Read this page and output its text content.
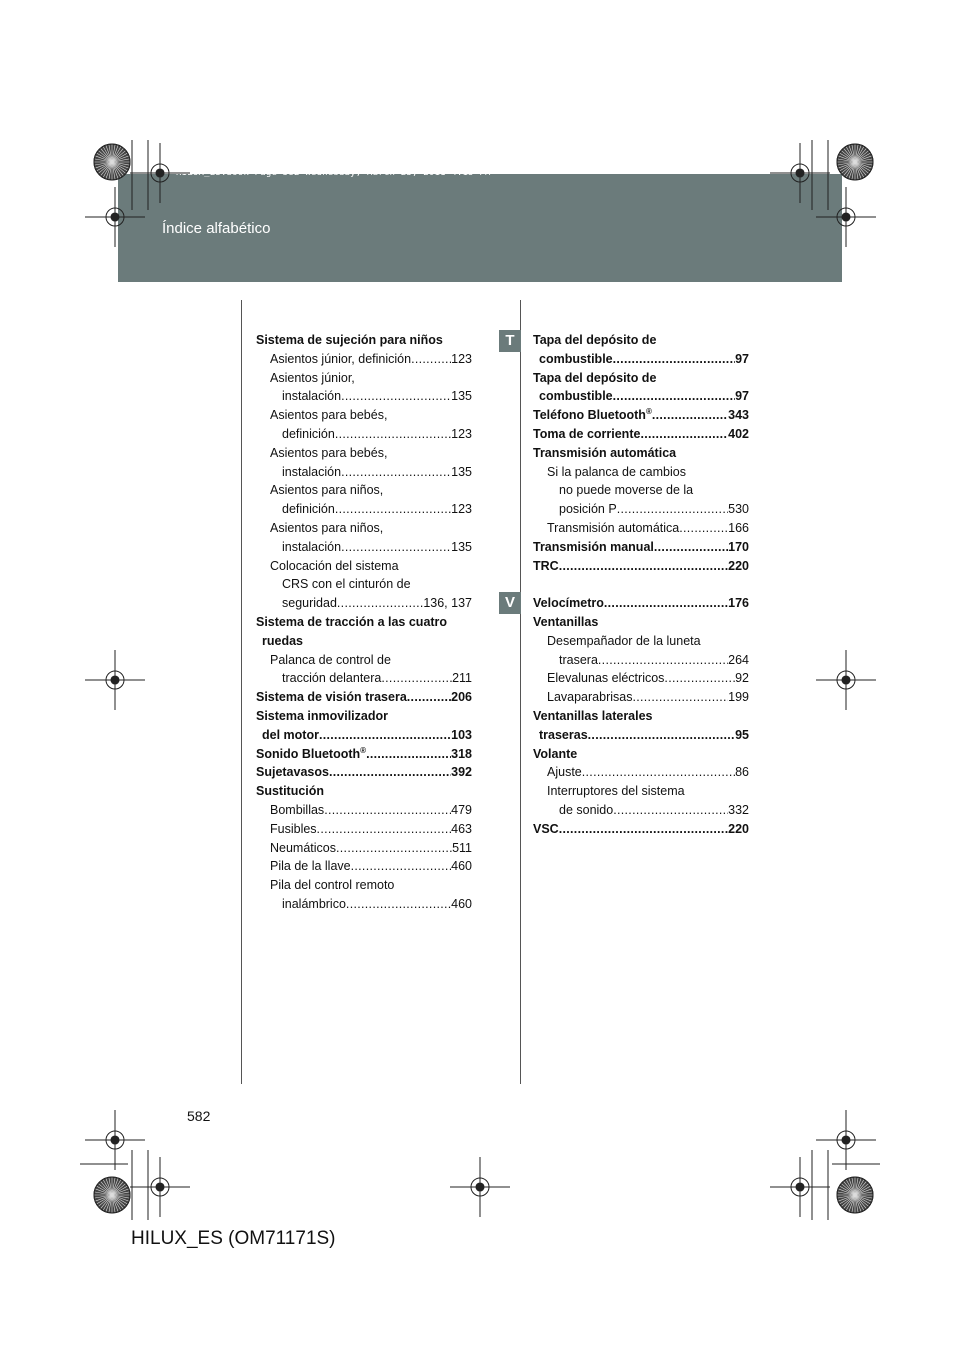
HILUX_ES.book Page 582 Wednesday, March 23, 2011 4:15 PM
Índice alfabético
T
V
Sistema de sujeción para niños
Asientos júnior, definición .....	123
Asientos júnior,
instalación .....	135
Asientos para bebés,
definición .....	123
Asientos para bebés,
instalación .....	135
Asientos para niños,
definición .....	123
Asientos para niños,
instalación .....	135
Colocación del sistema
CRS con el cinturón de
seguridad .....	136, 137
Sistema de tracción a las cuatro
ruedas
Palanca de control de
tracción delantera .....	211
Sistema de visión trasera .....	206
Sistema inmovilizador
del motor .....	103
Sonido Bluetooth® .....	318
Sujetavasos .....	392
Sustitución
Bombillas .....	479
Fusibles .....	463
Neumáticos .....	511
Pila de la llave .....	460
Pila del control remoto
inalámbrico .....	460
Tapa del depósito de
combustible .....	97
Tapa del depósito de
combustible .....	97
Teléfono Bluetooth® .....	343
Toma de corriente .....	402
Transmisión automática
Si la palanca de cambios
no puede moverse de la
posición P .....	530
Transmisión automática .....	166
Transmisión manual .....	170
TRC .....	220
Velocímetro .....	176
Ventanillas
Desempañador de la luneta
trasera .....	264
Elevalunas eléctricos .....	92
Lavaparabrisas .....	199
Ventanillas laterales
traseras .....	95
Volante
Ajuste .....	86
Interruptores del sistema
de sonido .....	332
VSC .....	220
582
HILUX_ES (OM71171S)
